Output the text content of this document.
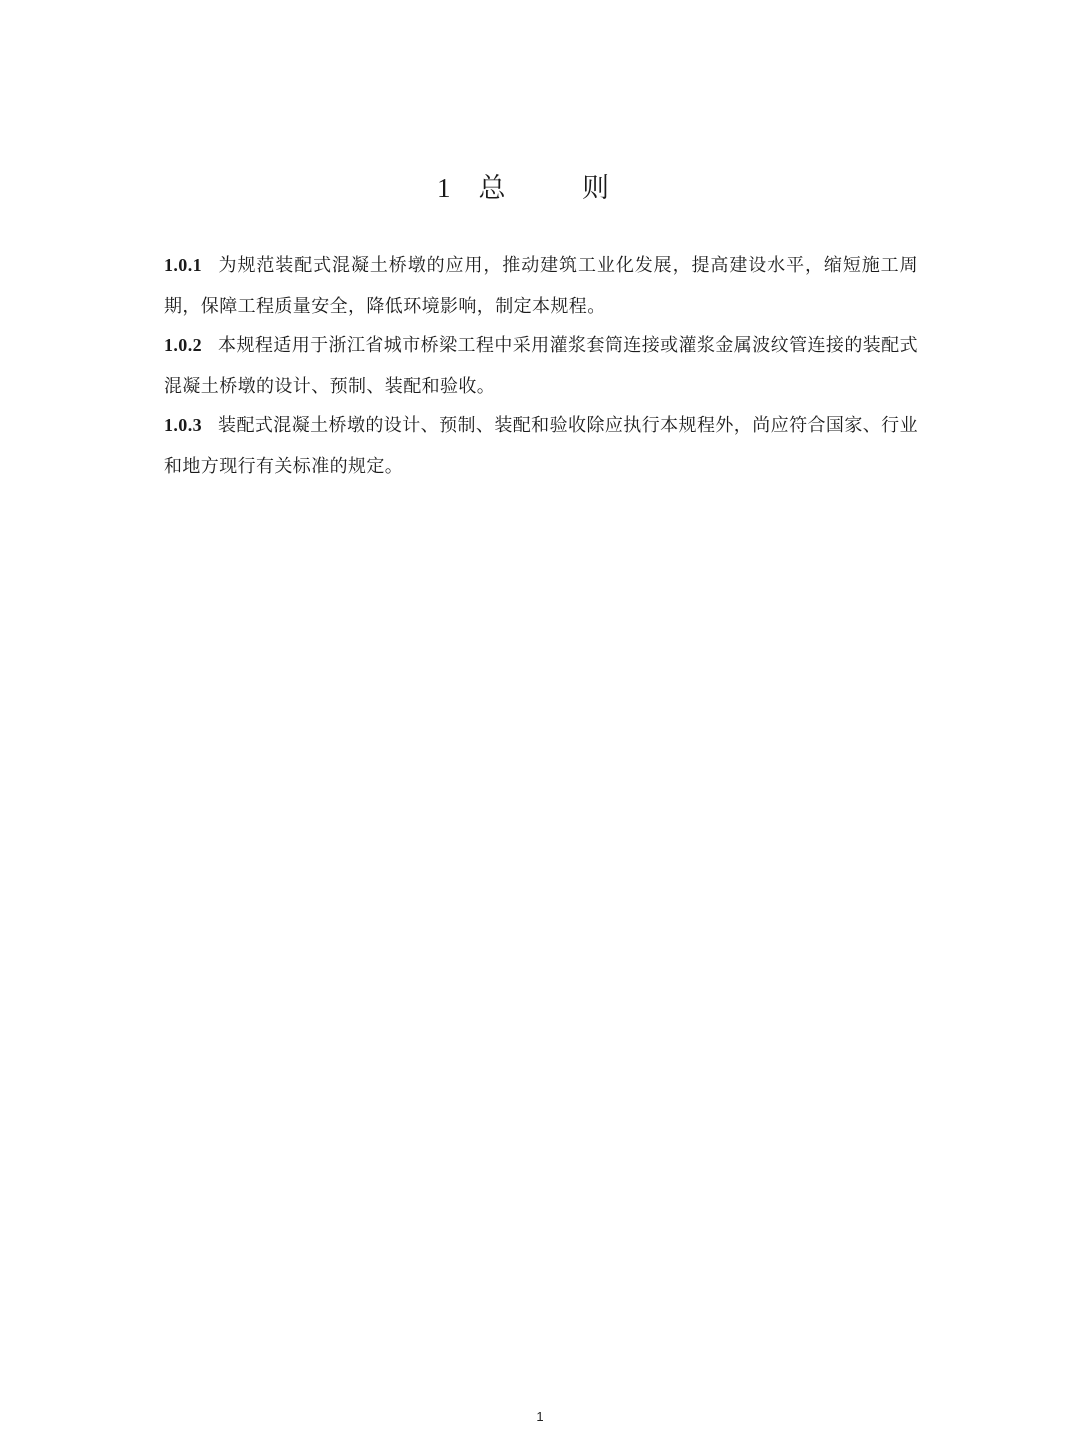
1 总 则

1.0.1 为规范装配式混凝土桥墩的应用，推动建筑工业化发展，提高建设水平，缩短施工周期，保障工程质量安全，降低环境影响，制定本规程。

1.0.2 本规程适用于浙江省城市桥梁工程中采用灌浆套筒连接或灌浆金属波纹管连接的装配式混凝土桥墩的设计、预制、装配和验收。

1.0.3 装配式混凝土桥墩的设计、预制、装配和验收除应执行本规程外，尚应符合国家、行业和地方现行有关标准的规定。

1
